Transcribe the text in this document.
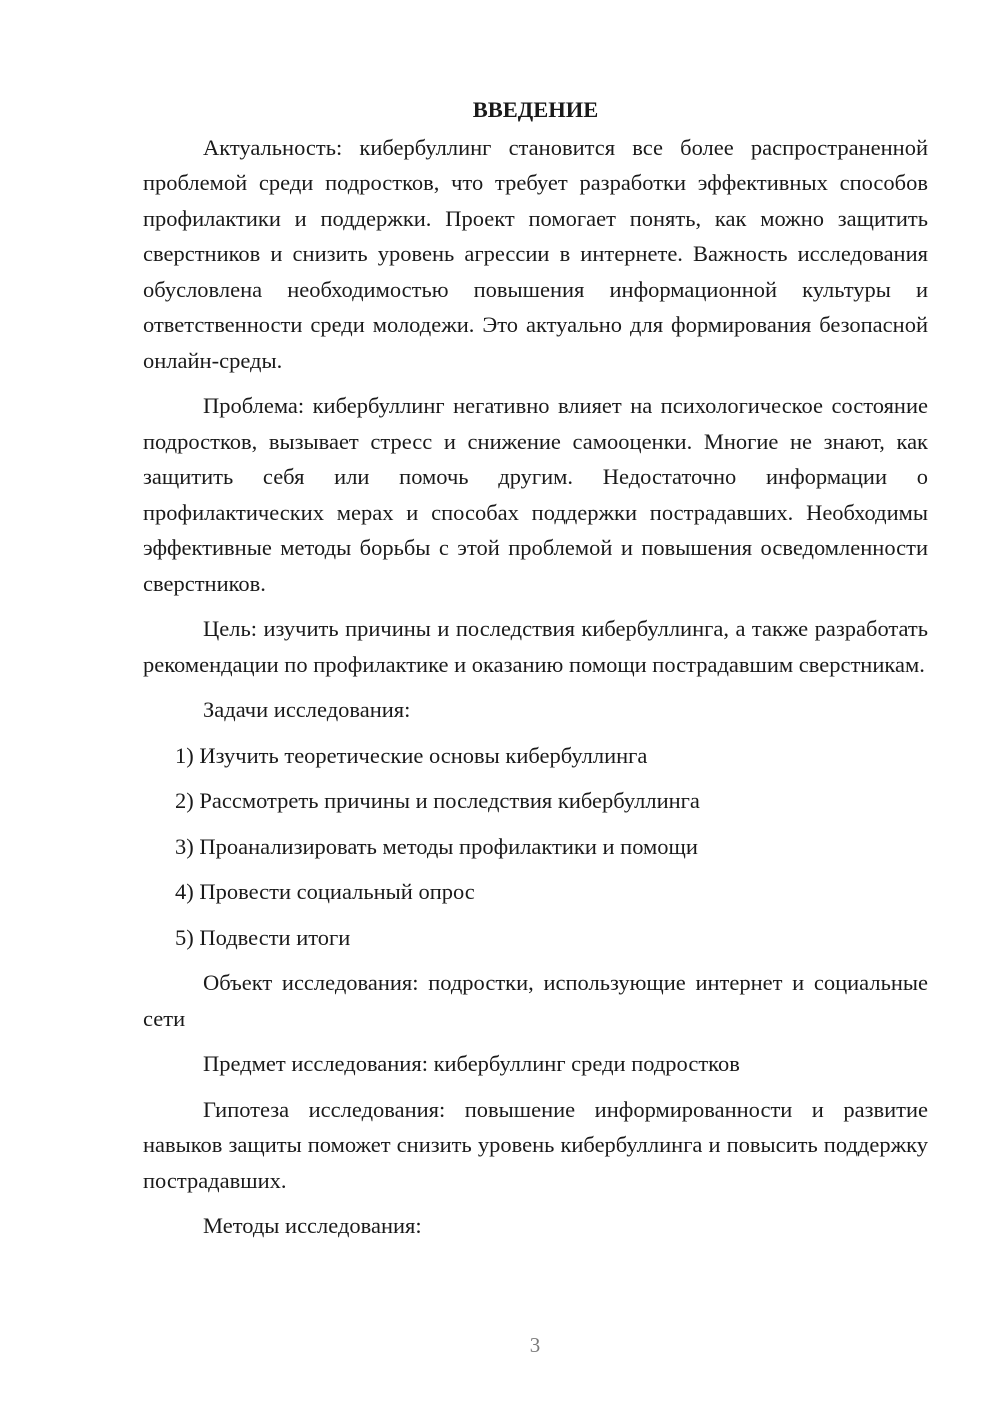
ВВЕДЕНИЕ

Актуальность: кибербуллинг становится все более распространенной проблемой среди подростков, что требует разработки эффективных способов профилактики и поддержки. Проект помогает понять, как можно защитить сверстников и снизить уровень агрессии в интернете. Важность исследования обусловлена необходимостью повышения информационной культуры и ответственности среди молодежи. Это актуально для формирования безопасной онлайн-среды.

Проблема: кибербуллинг негативно влияет на психологическое состояние подростков, вызывает стресс и снижение самооценки. Многие не знают, как защитить себя или помочь другим. Недостаточно информации о профилактических мерах и способах поддержки пострадавших. Необходимы эффективные методы борьбы с этой проблемой и повышения осведомленности сверстников.

Цель: изучить причины и последствия кибербуллинга, а также разработать рекомендации по профилактике и оказанию помощи пострадавшим сверстникам.

Задачи исследования:

1) Изучить теоретические основы кибербуллинга

2) Рассмотреть причины и последствия кибербуллинга

3) Проанализировать методы профилактики и помощи

4) Провести социальный опрос

5) Подвести итоги

Объект исследования: подростки, использующие интернет и социальные сети

Предмет исследования: кибербуллинг среди подростков

Гипотеза исследования: повышение информированности и развитие навыков защиты поможет снизить уровень кибербуллинга и повысить поддержку пострадавших.

Методы исследования:

3
